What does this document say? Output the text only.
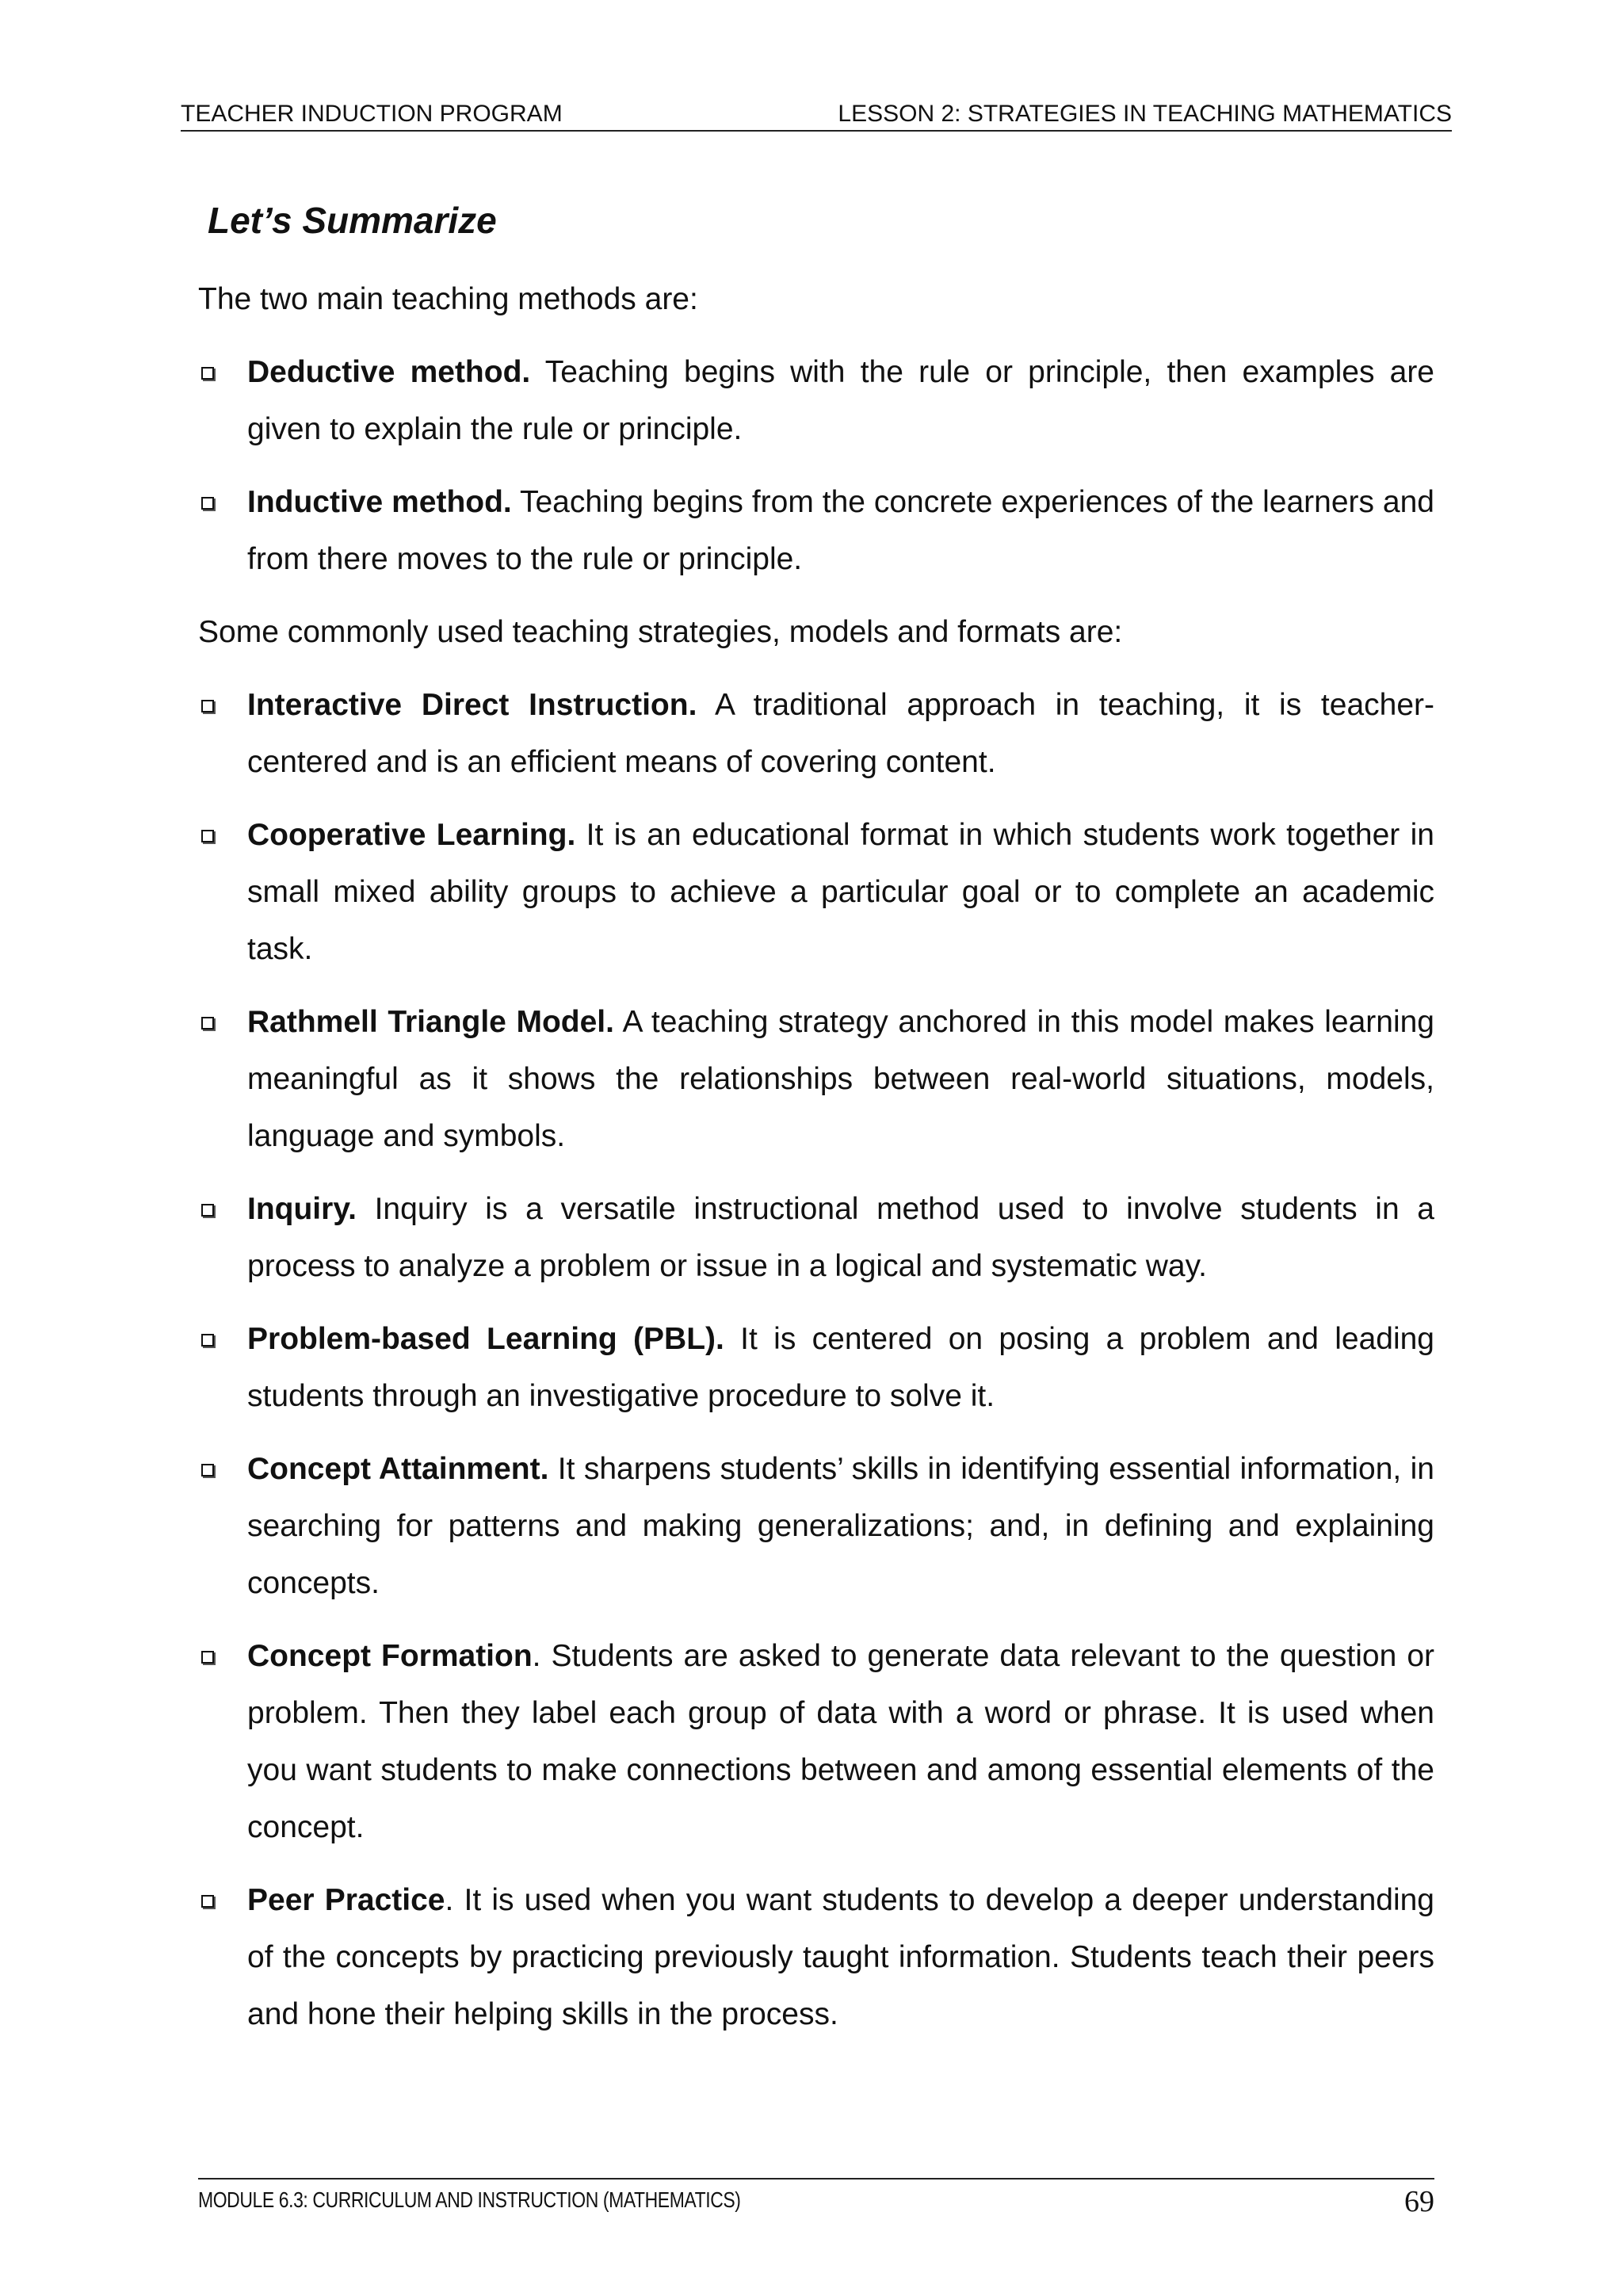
TEACHER INDUCTION PROGRAM	LESSON 2: STRATEGIES IN TEACHING MATHEMATICS
Let’s Summarize

The two main teaching methods are:

Deductive method. Teaching begins with the rule or principle, then examples are given to explain the rule or principle.
Inductive method. Teaching begins from the concrete experiences of the learners and from there moves to the rule or principle.

Some commonly used teaching strategies, models and formats are:

Interactive Direct Instruction. A traditional approach in teaching, it is teacher-centered and is an efficient means of covering content.
Cooperative Learning. It is an educational format in which students work together in small mixed ability groups to achieve a particular goal or to complete an academic task.
Rathmell Triangle Model. A teaching strategy anchored in this model makes learning meaningful as it shows the relationships between real-world situations, models, language and symbols.
Inquiry. Inquiry is a versatile instructional method used to involve students in a process to analyze a problem or issue in a logical and systematic way.
Problem-based Learning (PBL). It is centered on posing a problem and leading students through an investigative procedure to solve it.
Concept Attainment. It sharpens students’ skills in identifying essential information, in searching for patterns and making generalizations; and, in defining and explaining concepts.
Concept Formation. Students are asked to generate data relevant to the question or problem. Then they label each group of data with a word or phrase. It is used when you want students to make connections between and among essential elements of the concept.
Peer Practice. It is used when you want students to develop a deeper understanding of the concepts by practicing previously taught information. Students teach their peers and hone their helping skills in the process.
MODULE 6.3: CURRICULUM AND INSTRUCTION (MATHEMATICS)	69
